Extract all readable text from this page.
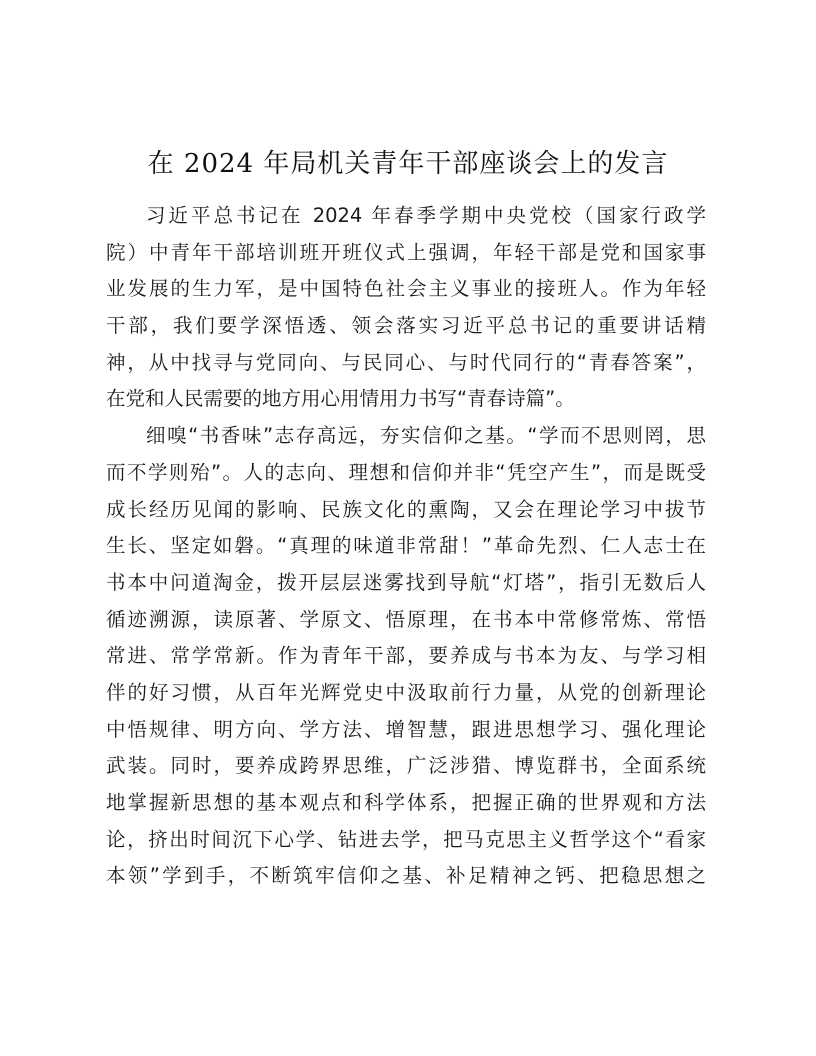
在 2024 年局机关青年干部座谈会上的发言
习近平总书记在 2024 年春季学期中央党校（国家行政学
院）中青年干部培训班开班仪式上强调，年轻干部是党和国家事
业发展的生力军，是中国特色社会主义事业的接班人。作为年轻
干部，我们要学深悟透、领会落实习近平总书记的重要讲话精
神，从中找寻与党同向、与民同心、与时代同行的“青春答案”，
在党和人民需要的地方用心用情用力书写“青春诗篇”。
细嗅“书香味”志存高远，夯实信仰之基。“学而不思则罔，思
而不学则殆”。人的志向、理想和信仰并非“凭空产生”，而是既受
成长经历见闻的影响、民族文化的熏陶，又会在理论学习中拔节
生长、坚定如磐。“真理的味道非常甜！”革命先烈、仁人志士在
书本中问道淘金，拨开层层迷雾找到导航“灯塔”，指引无数后人
循迹溯源，读原著、学原文、悟原理，在书本中常修常炼、常悟
常进、常学常新。作为青年干部，要养成与书本为友、与学习相
伴的好习惯，从百年光辉党史中汲取前行力量，从党的创新理论
中悟规律、明方向、学方法、增智慧，跟进思想学习、强化理论
武装。同时，要养成跨界思维，广泛涉猎、博览群书，全面系统
地掌握新思想的基本观点和科学体系，把握正确的世界观和方法
论，挤出时间沉下心学、钻进去学，把马克思主义哲学这个“看家
本领”学到手，不断筑牢信仰之基、补足精神之钙、把稳思想之
